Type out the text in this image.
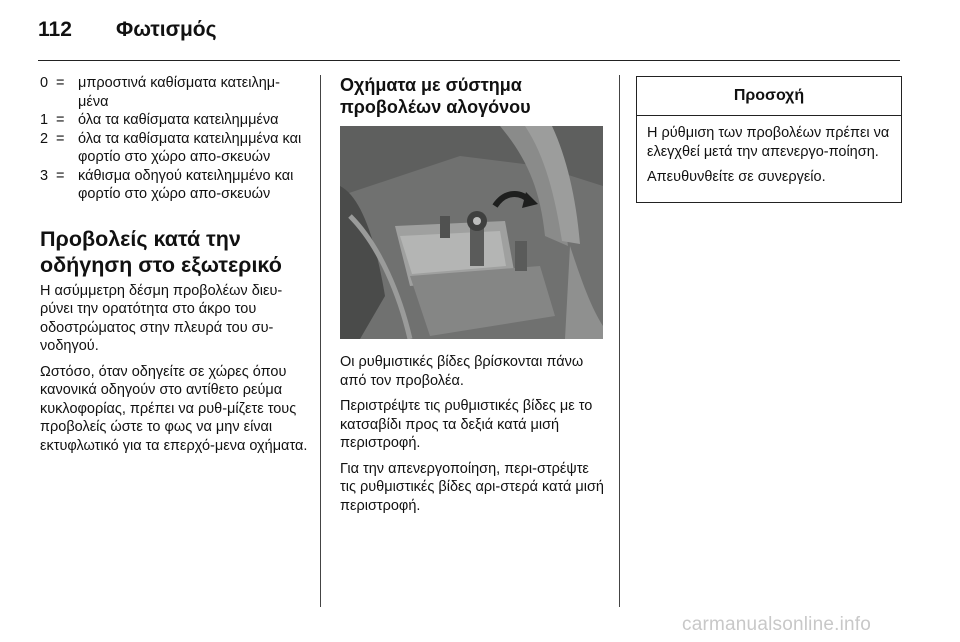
112 Φωτισμός
0 = μπροστινά καθίσματα κατειλημ-μένα
1 = όλα τα καθίσματα κατειλημμένα
2 = όλα τα καθίσματα κατειλημμένα και φορτίο στο χώρο απο-σκευών
3 = κάθισμα οδηγού κατειλημμένο και φορτίο στο χώρο απο-σκευών
Προβολείς κατά την οδήγηση στο εξωτερικό

Η ασύμμετρη δέσμη προβολέων διευ-ρύνει την ορατότητα στο άκρο του οδοστρώματος στην πλευρά του συ-νοδηγού.

Ωστόσο, όταν οδηγείτε σε χώρες όπου κανονικά οδηγούν στο αντίθετο ρεύμα κυκλοφορίας, πρέπει να ρυθ-μίζετε τους προβολείς ώστε το φως να μην είναι εκτυφλωτικό για τα επερχό-μενα οχήματα.

Οχήματα με σύστημα προβολέων αλογόνου

Οι ρυθμιστικές βίδες βρίσκονται πάνω από τον προβολέα.

Περιστρέψτε τις ρυθμιστικές βίδες με το κατσαβίδι προς τα δεξιά κατά μισή περιστροφή.

Για την απενεργοποίηση, περι-στρέψτε τις ρυθμιστικές βίδες αρι-στερά κατά μισή περιστροφή.

Προσοχή

Η ρύθμιση των προβολέων πρέπει να ελεγχθεί μετά την απενεργο-ποίηση.

Απευθυνθείτε σε συνεργείο.

carmanualsonline.info
